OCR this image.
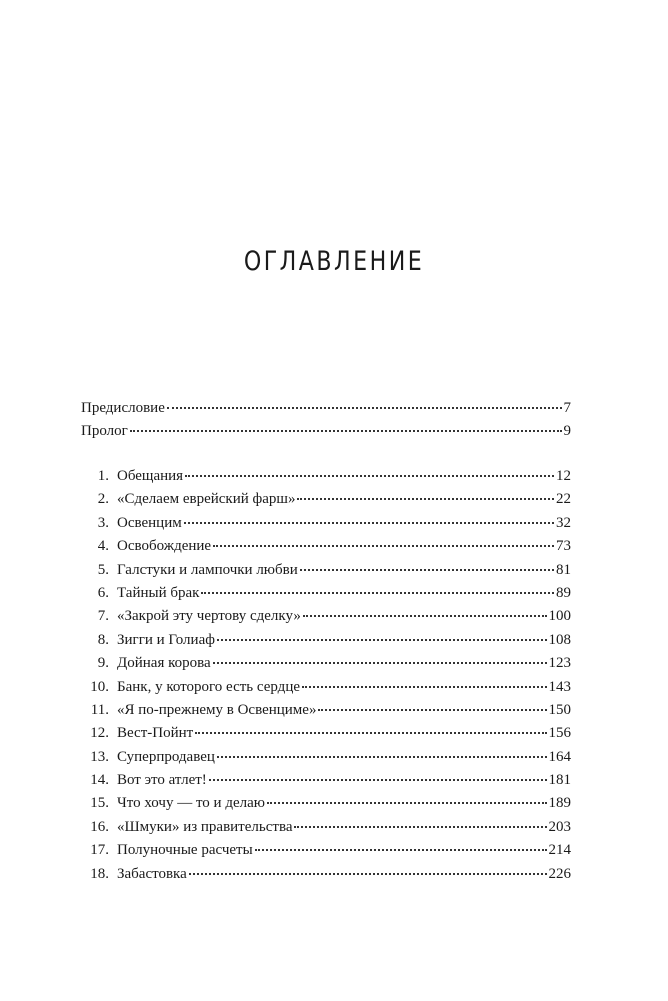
ОГЛАВЛЕНИЕ
Предисловие	7
Пролог	9
1. Обещания	12
2. «Сделаем еврейский фарш»	22
3. Освенцим	32
4. Освобождение	73
5. Галстуки и лампочки любви	81
6. Тайный брак	89
7. «Закрой эту чертову сделку»	100
8. Зигги и Голиаф	108
9. Дойная корова	123
10. Банк, у которого есть сердце	143
11. «Я по-прежнему в Освенциме»	150
12. Вест-Пойнт	156
13. Суперпродавец	164
14. Вот это атлет!	181
15. Что хочу — то и делаю	189
16. «Шмуки» из правительства	203
17. Полуночные расчеты	214
18. Забастовка	226
